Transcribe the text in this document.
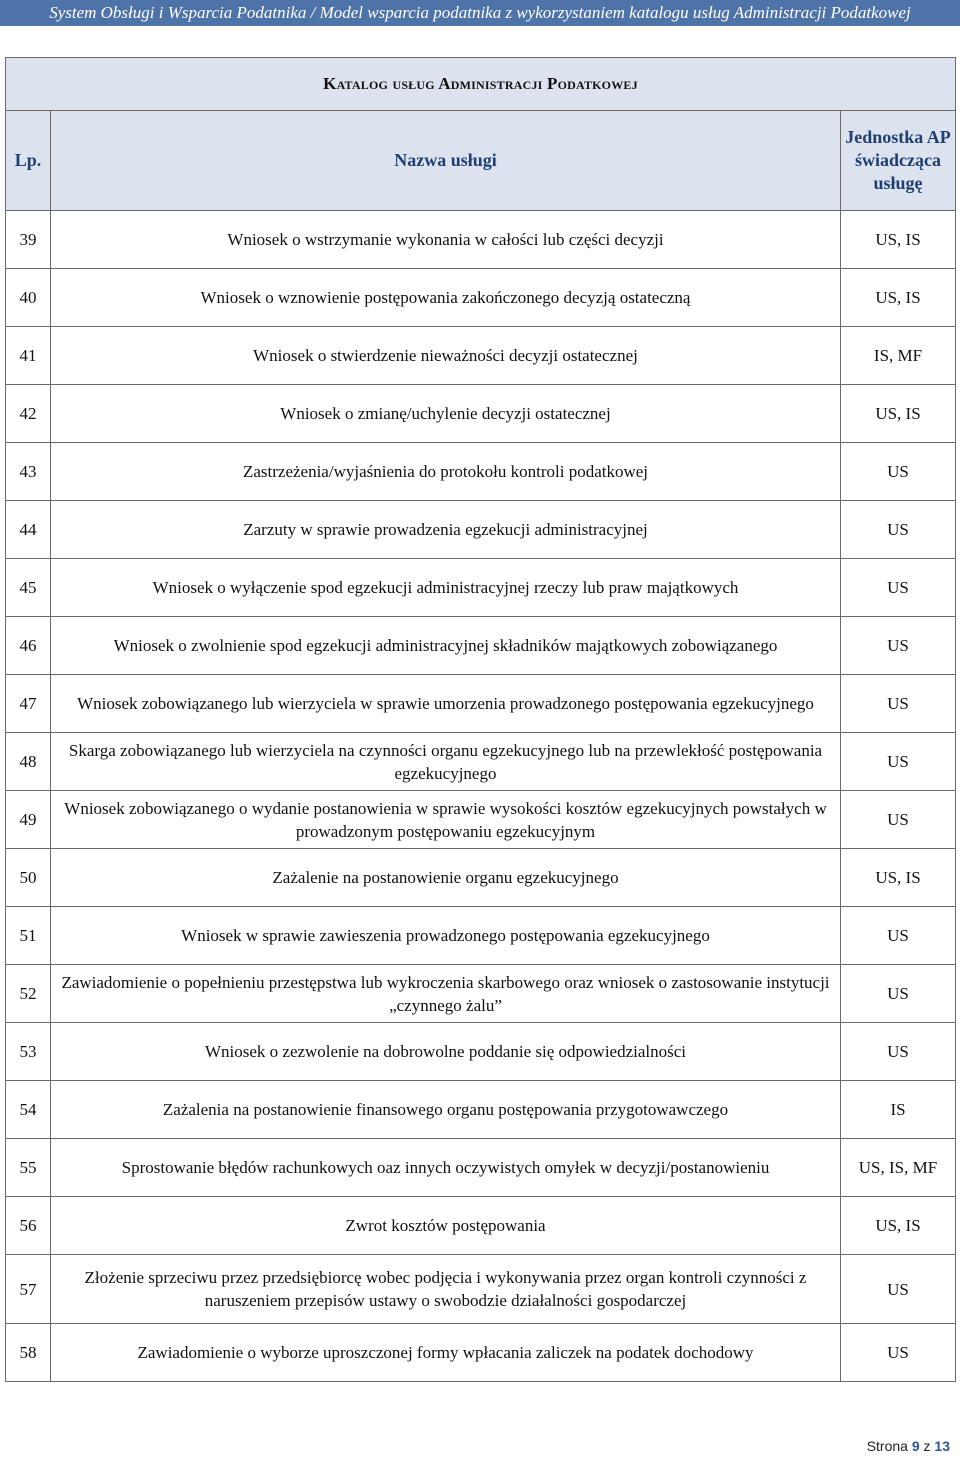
System Obsługi i Wsparcia Podatnika / Model wsparcia podatnika z wykorzystaniem katalogu usług Administracji Podatkowej
Katalog usług Administracji Podatkowej		
Lp.	Nazwa usługi	Jednostka AP świadcząca usługę
39	Wniosek o wstrzymanie wykonania w całości lub części decyzji	US, IS
40	Wniosek o wznowienie postępowania zakończonego decyzją ostateczną	US, IS
41	Wniosek o stwierdzenie nieważności decyzji ostatecznej	IS, MF
42	Wniosek o zmianę/uchylenie decyzji ostatecznej	US, IS
43	Zastrzeżenia/wyjaśnienia do protokołu kontroli podatkowej	US
44	Zarzuty w sprawie prowadzenia egzekucji administracyjnej	US
45	Wniosek o wyłączenie spod egzekucji administracyjnej rzeczy lub praw majątkowych	US
46	Wniosek o zwolnienie spod egzekucji administracyjnej składników majątkowych zobowiązanego	US
47	Wniosek zobowiązanego lub wierzyciela w sprawie umorzenia prowadzonego postępowania egzekucyjnego	US
48	Skarga zobowiązanego lub wierzyciela na czynności organu egzekucyjnego lub na przewlekłość postępowania egzekucyjnego	US
49	Wniosek zobowiązanego o wydanie postanowienia w sprawie wysokości kosztów egzekucyjnych powstałych w prowadzonym postępowaniu egzekucyjnym	US
50	Zażalenie na postanowienie organu egzekucyjnego	US, IS
51	Wniosek w sprawie zawieszenia prowadzonego postępowania egzekucyjnego	US
52	Zawiadomienie o popełnieniu przestępstwa lub wykroczenia skarbowego oraz wniosek o zastosowanie instytucji „czynnego żalu”	US
53	Wniosek o zezwolenie na dobrowolne poddanie się odpowiedzialności	US
54	Zażalenia na postanowienie finansowego organu postępowania przygotowawczego	IS
55	Sprostowanie błędów rachunkowych oaz innych oczywistych omyłek w decyzji/postanowieniu	US, IS, MF
56	Zwrot kosztów postępowania	US, IS
57	Złożenie sprzeciwu przez przedsiębiorcę wobec podjęcia i wykonywania przez organ kontroli czynności z naruszeniem przepisów ustawy o swobodzie działalności gospodarczej	US
58	Zawiadomienie o wyborze uproszczonej formy wpłacania zaliczek na podatek dochodowy	US
Strona 9 z 13
